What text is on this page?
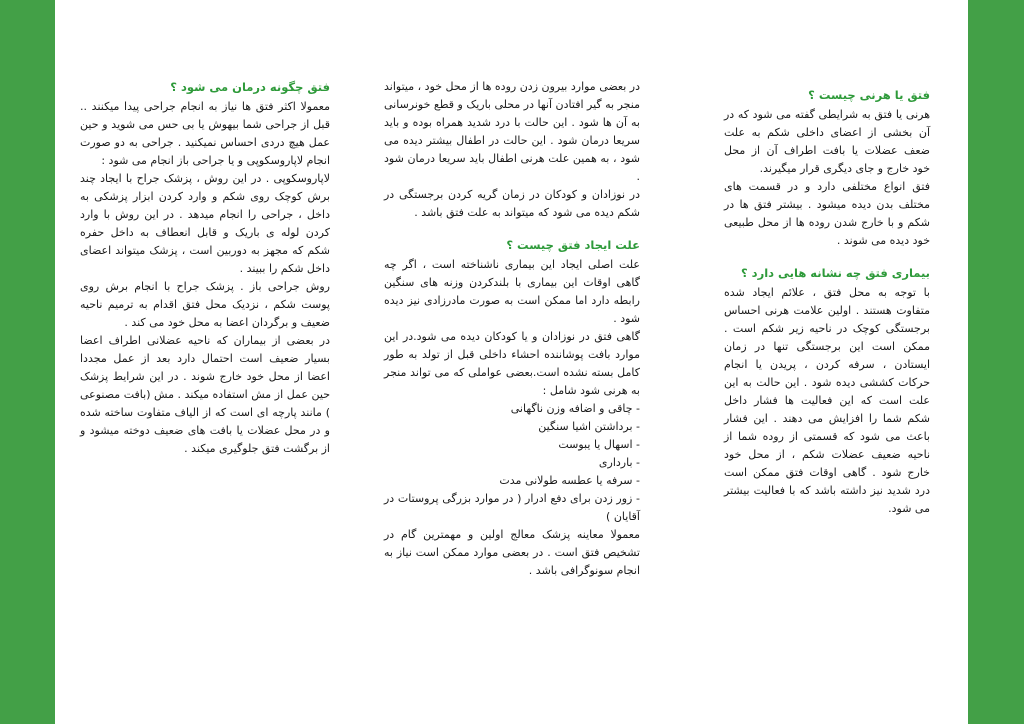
فتق یا هرنی چیست ؟
هرنی یا فتق به شرایطی گفته می شود که در آن بخشی از اعضای داخلی شکم به علت ضعف عضلات یا بافت اطراف آن از محل خود خارج و جای دیگری قرار میگیرند.
فتق انواع مختلفی دارد و در قسمت های مختلف بدن دیده میشود . بیشتر فتق ها در شکم و با خارج شدن روده ها از محل طبیعی خود دیده می شوند .
بیماری فتق چه نشانه هایی دارد ؟
با توجه به محل فتق ، علائم ایجاد شده متفاوت هستند . اولین علامت هرنی احساس برجستگی کوچک در ناحیه زیر شکم است . ممکن است این برجستگی تنها در زمان ایستادن ، سرفه کردن ، پریدن یا انجام حرکات کششی دیده شود . این حالت به این علت است که این فعالیت ها فشار داخل شکم شما را افزایش می دهند . این فشار باعث می شود که قسمتی از روده شما از ناحیه ضعیف عضلات شکم ، از محل خود خارج شود . گاهی اوقات فتق ممکن است درد شدید نیز داشته باشد که با فعالیت بیشتر می شود.
در بعضی موارد بیرون زدن روده ها از محل خود ، میتواند منجر به گیر افتادن آنها در محلی باریک و قطع خونرسانی به آن ها شود . این حالت با درد شدید همراه بوده و باید سریعا درمان شود . این حالت در اطفال بیشتر دیده می شود ، به همین علت هرنی اطفال باید سریعا درمان شود .
در نوزادان و کودکان در زمان گریه کردن برجستگی در شکم دیده می شود که میتواند به علت فتق باشد .
علت ایجاد فتق چیست ؟
علت اصلی ایجاد این بیماری ناشناخته است ، اگر چه گاهی اوقات این بیماری با بلندکردن وزنه های سنگین رابطه دارد اما ممکن است به صورت مادرزادی نیز دیده شود .
گاهی فتق در نوزادان و یا کودکان دیده می شود.در این موارد بافت پوشاننده احشاء داخلی قبل از تولد به طور کامل بسته نشده است.بعضی عواملی که می تواند منجر به هرنی شود شامل :
- چاقی و اضافه وزن ناگهانی
- برداشتن اشیا سنگین
- اسهال یا یبوست
- بارداری
- سرفه یا عطسه طولانی مدت
- زور زدن برای دفع ادرار ( در موارد بزرگی پروستات در آقایان )
معمولا معاینه پزشک معالج اولین و مهمترین گام در تشخیص فتق است . در بعضی موارد ممکن است نیاز به انجام سونوگرافی باشد .
فتق چگونه درمان می شود ؟
معمولا اکثر فتق ها نیاز به انجام جراحی پیدا میکنند .. قبل از جراحی شما بیهوش یا بی حس می شوید و حین عمل هیچ دردی احساس نمیکنید . جراحی به دو صورت انجام لاپاروسکوپی و یا جراحی باز انجام می شود :
لاپاروسکوپی . در این روش ، پزشک جراح با ایجاد چند برش کوچک روی شکم و وارد کردن ابزار پزشکی به داخل ، جراحی را انجام میدهد . در این روش با وارد کردن لوله ی باریک و قابل انعطاف به داخل حفره شکم که مجهز به دوربین است ، پزشک میتواند اعضای داخل شکم را ببیند .
روش جراحی باز . پزشک جراح با انجام برش روی پوست شکم ، نزدیک محل فتق اقدام به ترمیم ناحیه ضعیف و برگردان اعضا به محل خود می کند .
در بعضی از بیماران که ناحیه عضلانی اطراف اعضا بسیار ضعیف است احتمال دارد بعد از عمل مجددا اعضا از محل خود خارج شوند . در این شرایط پزشک حین عمل از مش استفاده میکند . مش (بافت مصنوعی ) مانند پارچه ای است که از الیاف متفاوت ساخته شده و در محل عضلات یا بافت های ضعیف دوخته میشود و از برگشت فتق جلوگیری میکند .
